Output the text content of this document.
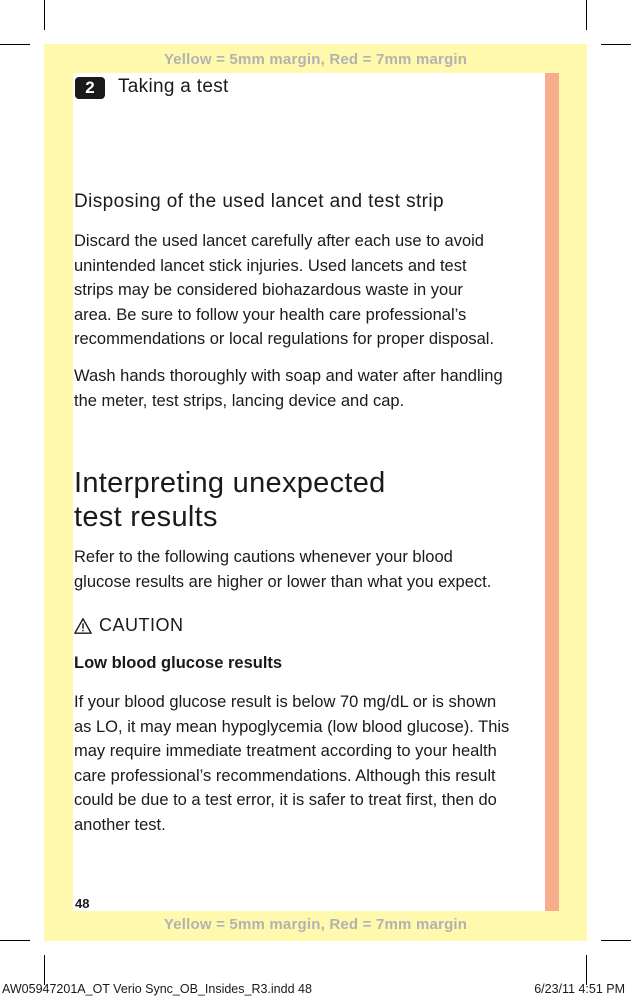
Yellow = 5mm margin, Red = 7mm margin
Yellow = 5mm margin, Red = 7mm margin
2	Taking a test
Disposing of the used lancet and test strip
Discard the used lancet carefully after each use to avoid
unintended lancet stick injuries. Used lancets and test
strips may be considered biohazardous waste in your
area. Be sure to follow your health care professional’s
recommendations or local regulations for proper disposal.
Wash hands thoroughly with soap and water after handling
the meter, test strips, lancing device and cap.
Interpreting unexpected
test results
Refer to the following cautions whenever your blood
glucose results are higher or lower than what you expect.
CAUTION
Low blood glucose results
If your blood glucose result is below 70 mg/dL or is shown
as LO, it may mean hypoglycemia (low blood glucose). This
may require immediate treatment according to your health
care professional’s recommendations. Although this result
could be due to a test error, it is safer to treat first, then do
another test.
48
AW05947201A_OT Verio Sync_OB_Insides_R3.indd 48	6/23/11 4:51 PM
